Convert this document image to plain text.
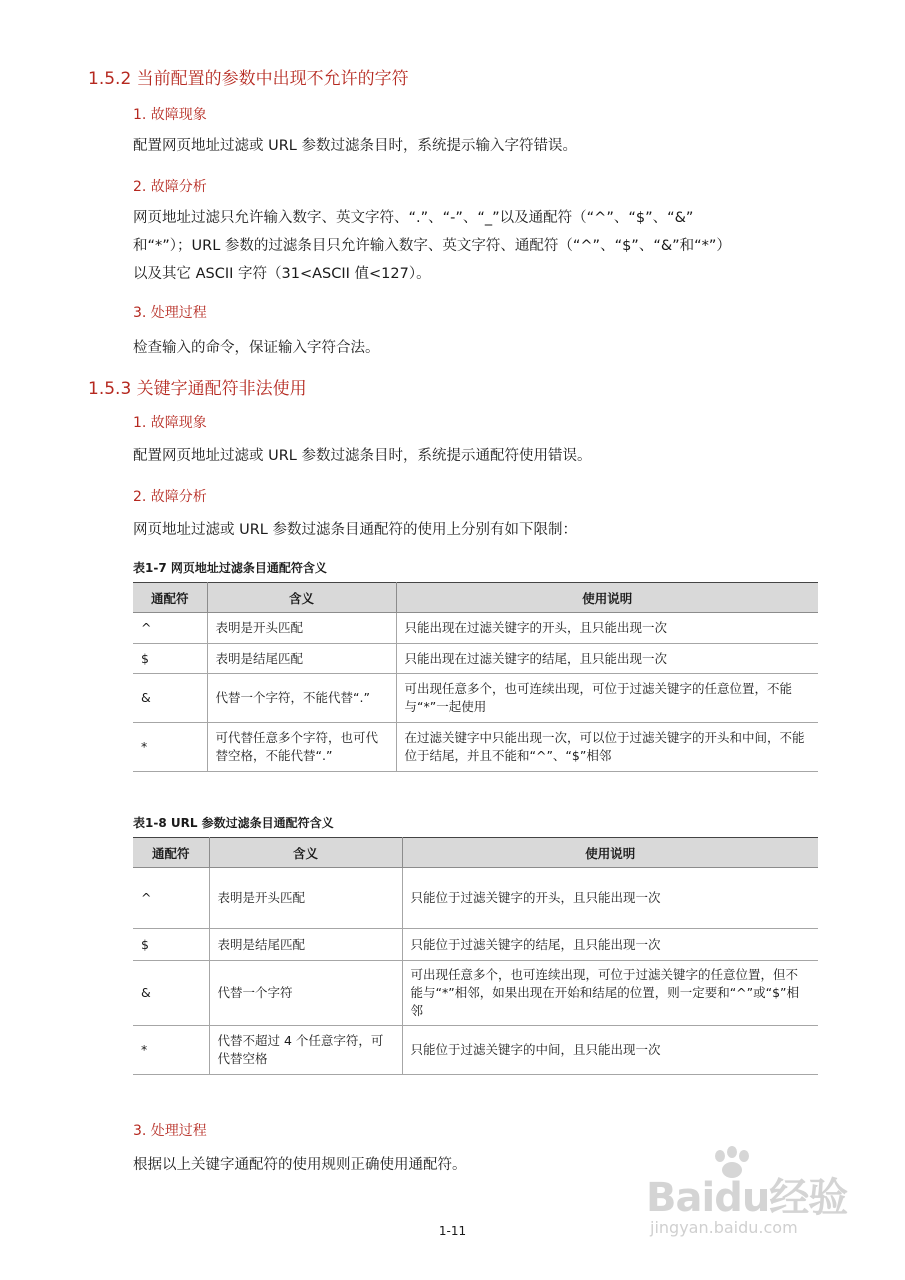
1.5.2 当前配置的参数中出现不允许的字符
1. 故障现象
配置网页地址过滤或 URL 参数过滤条目时，系统提示输入字符错误。
2. 故障分析
网页地址过滤只允许输入数字、英文字符、“.”、“-”、“_”以及通配符（“^”、“$”、“&”
和“*”）；URL 参数的过滤条目只允许输入数字、英文字符、通配符（“^”、“$”、“&”和“*”）
以及其它 ASCII 字符（31<ASCII 值<127）。
3. 处理过程
检查输入的命令，保证输入字符合法。
1.5.3 关键字通配符非法使用
1. 故障现象
配置网页地址过滤或 URL 参数过滤条目时，系统提示通配符使用错误。
2. 故障分析
网页地址过滤或 URL 参数过滤条目通配符的使用上分别有如下限制：
表1-7 网页地址过滤条目通配符含义
通配符	含义	使用说明
^	表明是开头匹配	只能出现在过滤关键字的开头，且只能出现一次
$	表明是结尾匹配	只能出现在过滤关键字的结尾，且只能出现一次
&	代替一个字符，不能代替“.”	可出现任意多个，也可连续出现，可位于过滤关键字的任意位置，不能与“*”一起使用
*	可代替任意多个字符，也可代替空格，不能代替“.”	在过滤关键字中只能出现一次，可以位于过滤关键字的开头和中间，不能位于结尾，并且不能和“^”、“$”相邻
表1-8 URL 参数过滤条目通配符含义
通配符	含义	使用说明
^	表明是开头匹配	只能位于过滤关键字的开头，且只能出现一次
$	表明是结尾匹配	只能位于过滤关键字的结尾，且只能出现一次
&	代替一个字符	可出现任意多个，也可连续出现，可位于过滤关键字的任意位置，但不能与“*”相邻，如果出现在开始和结尾的位置，则一定要和“^”或“$”相邻
*	代替不超过 4 个任意字符，可代替空格	只能位于过滤关键字的中间，且只能出现一次
3. 处理过程
根据以上关键字通配符的使用规则正确使用通配符。
1-11
Baidu经验
jingyan.baidu.com
